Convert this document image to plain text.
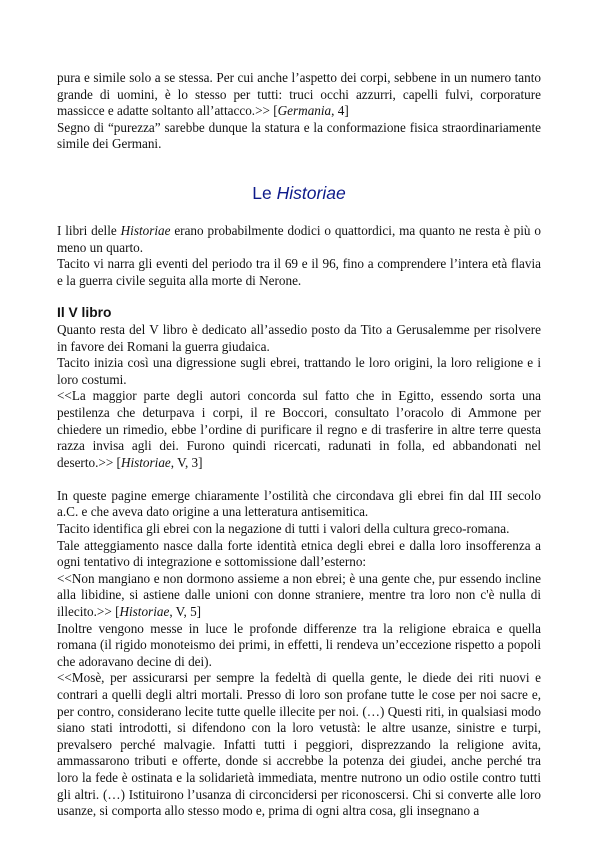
pura e simile solo a se stessa. Per cui anche l’aspetto dei corpi, sebbene in un numero tanto grande di uomini, è lo stesso per tutti: truci occhi azzurri, capelli fulvi, corporature massicce e adatte soltanto all’attacco.>> [Germania, 4]

Segno di “purezza” sarebbe dunque la statura e la conformazione fisica straordinariamente simile dei Germani.

Le Historiae

I libri delle Historiae erano probabilmente dodici o quattordici, ma quanto ne resta è più o meno un quarto.

Tacito vi narra gli eventi del periodo tra il 69 e il 96, fino a comprendere l’intera età flavia e la guerra civile seguita alla morte di Nerone.

Il V libro

Quanto resta del V libro è dedicato all’assedio posto da Tito a Gerusalemme per risolvere in favore dei Romani la guerra giudaica.

Tacito inizia così una digressione sugli ebrei, trattando le loro origini, la loro religione e i loro costumi.

<<La maggior parte degli autori concorda sul fatto che in Egitto, essendo sorta una pestilenza che deturpava i corpi, il re Boccori, consultato l’oracolo di Ammone per chiedere un rimedio, ebbe l’ordine di purificare il regno e di trasferire in altre terre questa razza invisa agli dei. Furono quindi ricercati, radunati in folla, ed abbandonati nel deserto.>> [Historiae, V, 3]

In queste pagine emerge chiaramente l’ostilità che circondava gli ebrei fin dal III secolo a.C. e che aveva dato origine a una letteratura antisemitica.

Tacito identifica gli ebrei con la negazione di tutti i valori della cultura greco-romana.

Tale atteggiamento nasce dalla forte identità etnica degli ebrei e dalla loro insofferenza a ogni tentativo di integrazione e sottomissione dall’esterno:

<<Non mangiano e non dormono assieme a non ebrei; è una gente che, pur essendo incline alla libidine, si astiene dalle unioni con donne straniere, mentre tra loro non c'è nulla di illecito.>> [Historiae, V, 5]

Inoltre vengono messe in luce le profonde differenze tra la religione ebraica e quella romana (il rigido monoteismo dei primi, in effetti, li rendeva un’eccezione rispetto a popoli che adoravano decine di dei).

<<Mosè, per assicurarsi per sempre la fedeltà di quella gente, le diede dei riti nuovi e contrari a quelli degli altri mortali. Presso di loro son profane tutte le cose per noi sacre e, per contro, considerano lecite tutte quelle illecite per noi. (…) Questi riti, in qualsiasi modo siano stati introdotti, si difendono con la loro vetustà: le altre usanze, sinistre e turpi, prevalsero perché malvagie. Infatti tutti i peggiori, disprezzando la religione avita, ammassarono tributi e offerte, donde si accrebbe la potenza dei giudei, anche perché tra loro la fede è ostinata e la solidarietà immediata, mentre nutrono un odio ostile contro tutti gli altri. (…) Istituirono l’usanza di circoncidersi per riconoscersi. Chi si converte alle loro usanze, si comporta allo stesso modo e, prima di ogni altra cosa, gli insegnano a
